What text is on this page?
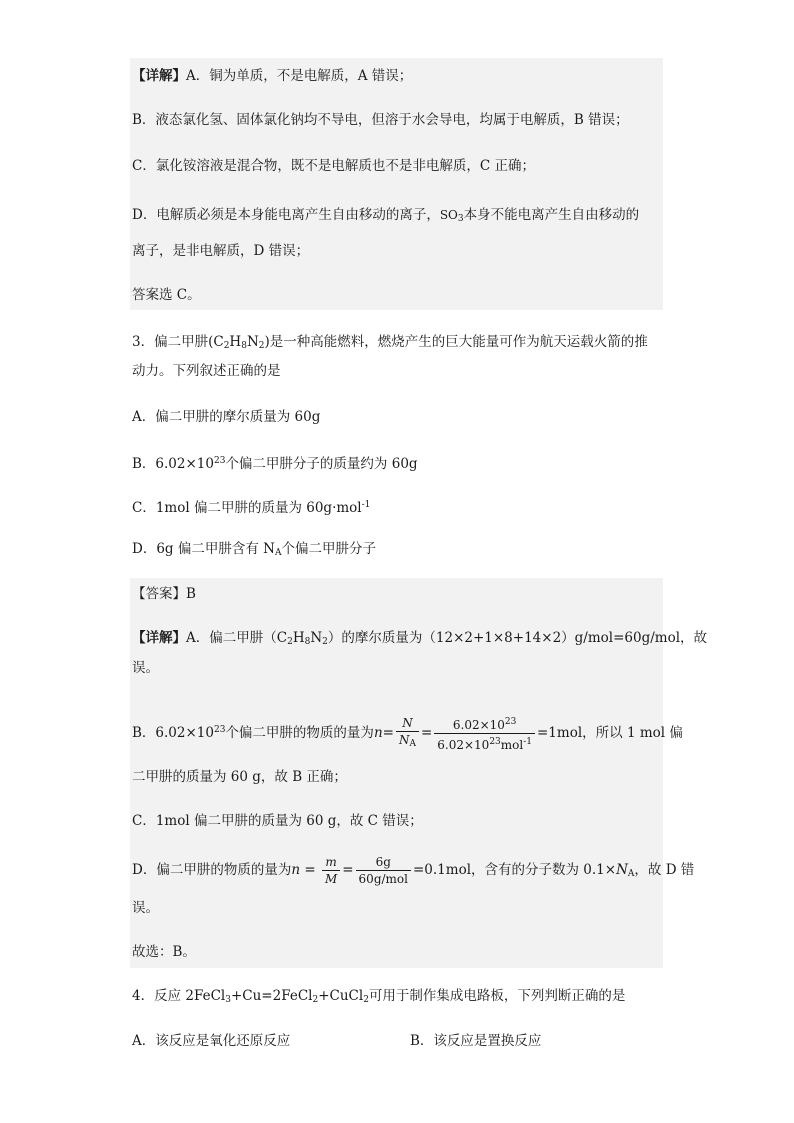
【详解】A．铜为单质，不是电解质，A 错误；
B．液态氯化氢、固体氯化钠均不导电，但溶于水会导电，均属于电解质，B 错误；
C．氯化铵溶液是混合物，既不是电解质也不是非电解质，C 正确；
D．电解质必须是本身能电离产生自由移动的离子，$SO_3$本身不能电离产生自由移动的
离子，是非电解质，D 错误；
答案选 C。
3．偏二甲肼$(C_2H_8N_2)$是一种高能燃料，燃烧产生的巨大能量可作为航天运载火箭的推
动力。下列叙述正确的是
A．偏二甲肼的摩尔质量为 60g
B．$6.02\times 10^{23}$个偏二甲肼分子的质量约为 60g
C．1mol 偏二甲肼的质量为 60g·mol$^{-1}$
D．6g 偏二甲肼含有 $N_A$个偏二甲肼分子
【答案】B
【详解】A．偏二甲肼$(C_2H_8N_2)$的摩尔质量为（12×2+1×8+14×2）g/mol=60g/mol，故
误。
B．$6.02\times 10^{23}$个偏二甲肼的物质的量为$n= \frac{N}{N_A} = \frac{6.02\times 10^{23}}{6.02\times 10^{23}mol^{-1}} =1mol$，所以 1 mol 偏
二甲肼的质量为 60 g，故 B 正确；
C．1mol 偏二甲肼的质量为 60 g，故 C 错误；
D．偏二甲肼的物质的量为$n = \frac{m}{M} = \frac{6g}{\text{60g/mol}} =0.1mol$，含有的分子数为 $0.1\times N_A$，故 D 错
误。
故选：B。
4．反应 2FeCl$_3$+Cu=2FeCl$_2$+CuCl$_2$可用于制作集成电路板，下列判断正确的是
A．该反应是氧化还原反应	B．该反应是置换反应
